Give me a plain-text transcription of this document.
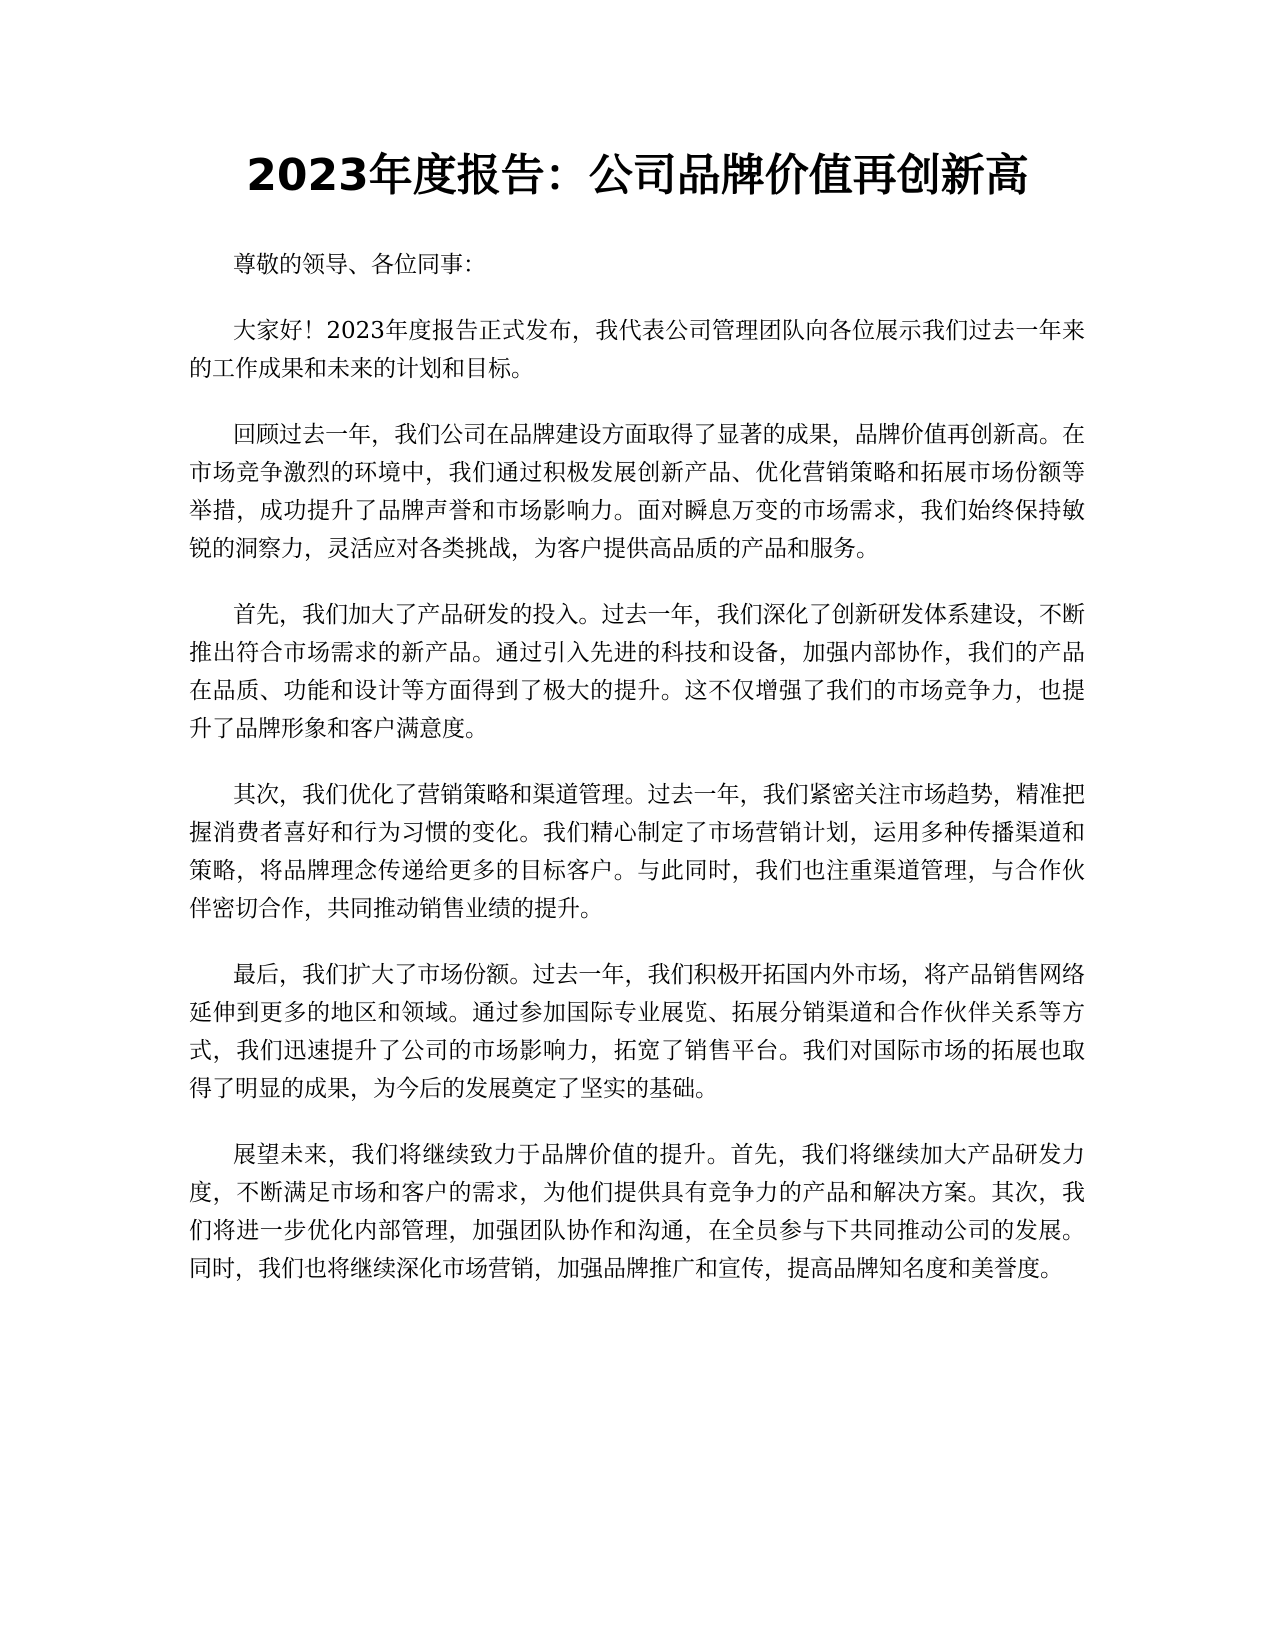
2023年度报告：公司品牌价值再创新高

尊敬的领导、各位同事：

大家好！2023年度报告正式发布，我代表公司管理团队向各位展示我们过去一年来的工作成果和未来的计划和目标。

回顾过去一年，我们公司在品牌建设方面取得了显著的成果，品牌价值再创新高。在市场竞争激烈的环境中，我们通过积极发展创新产品、优化营销策略和拓展市场份额等举措，成功提升了品牌声誉和市场影响力。面对瞬息万变的市场需求，我们始终保持敏锐的洞察力，灵活应对各类挑战，为客户提供高品质的产品和服务。

首先，我们加大了产品研发的投入。过去一年，我们深化了创新研发体系建设，不断推出符合市场需求的新产品。通过引入先进的科技和设备，加强内部协作，我们的产品在品质、功能和设计等方面得到了极大的提升。这不仅增强了我们的市场竞争力，也提升了品牌形象和客户满意度。

其次，我们优化了营销策略和渠道管理。过去一年，我们紧密关注市场趋势，精准把握消费者喜好和行为习惯的变化。我们精心制定了市场营销计划，运用多种传播渠道和策略，将品牌理念传递给更多的目标客户。与此同时，我们也注重渠道管理，与合作伙伴密切合作，共同推动销售业绩的提升。

最后，我们扩大了市场份额。过去一年，我们积极开拓国内外市场，将产品销售网络延伸到更多的地区和领域。通过参加国际专业展览、拓展分销渠道和合作伙伴关系等方式，我们迅速提升了公司的市场影响力，拓宽了销售平台。我们对国际市场的拓展也取得了明显的成果，为今后的发展奠定了坚实的基础。

展望未来，我们将继续致力于品牌价值的提升。首先，我们将继续加大产品研发力度，不断满足市场和客户的需求，为他们提供具有竞争力的产品和解决方案。其次，我们将进一步优化内部管理，加强团队协作和沟通，在全员参与下共同推动公司的发展。同时，我们也将继续深化市场营销，加强品牌推广和宣传，提高品牌知名度和美誉度。
